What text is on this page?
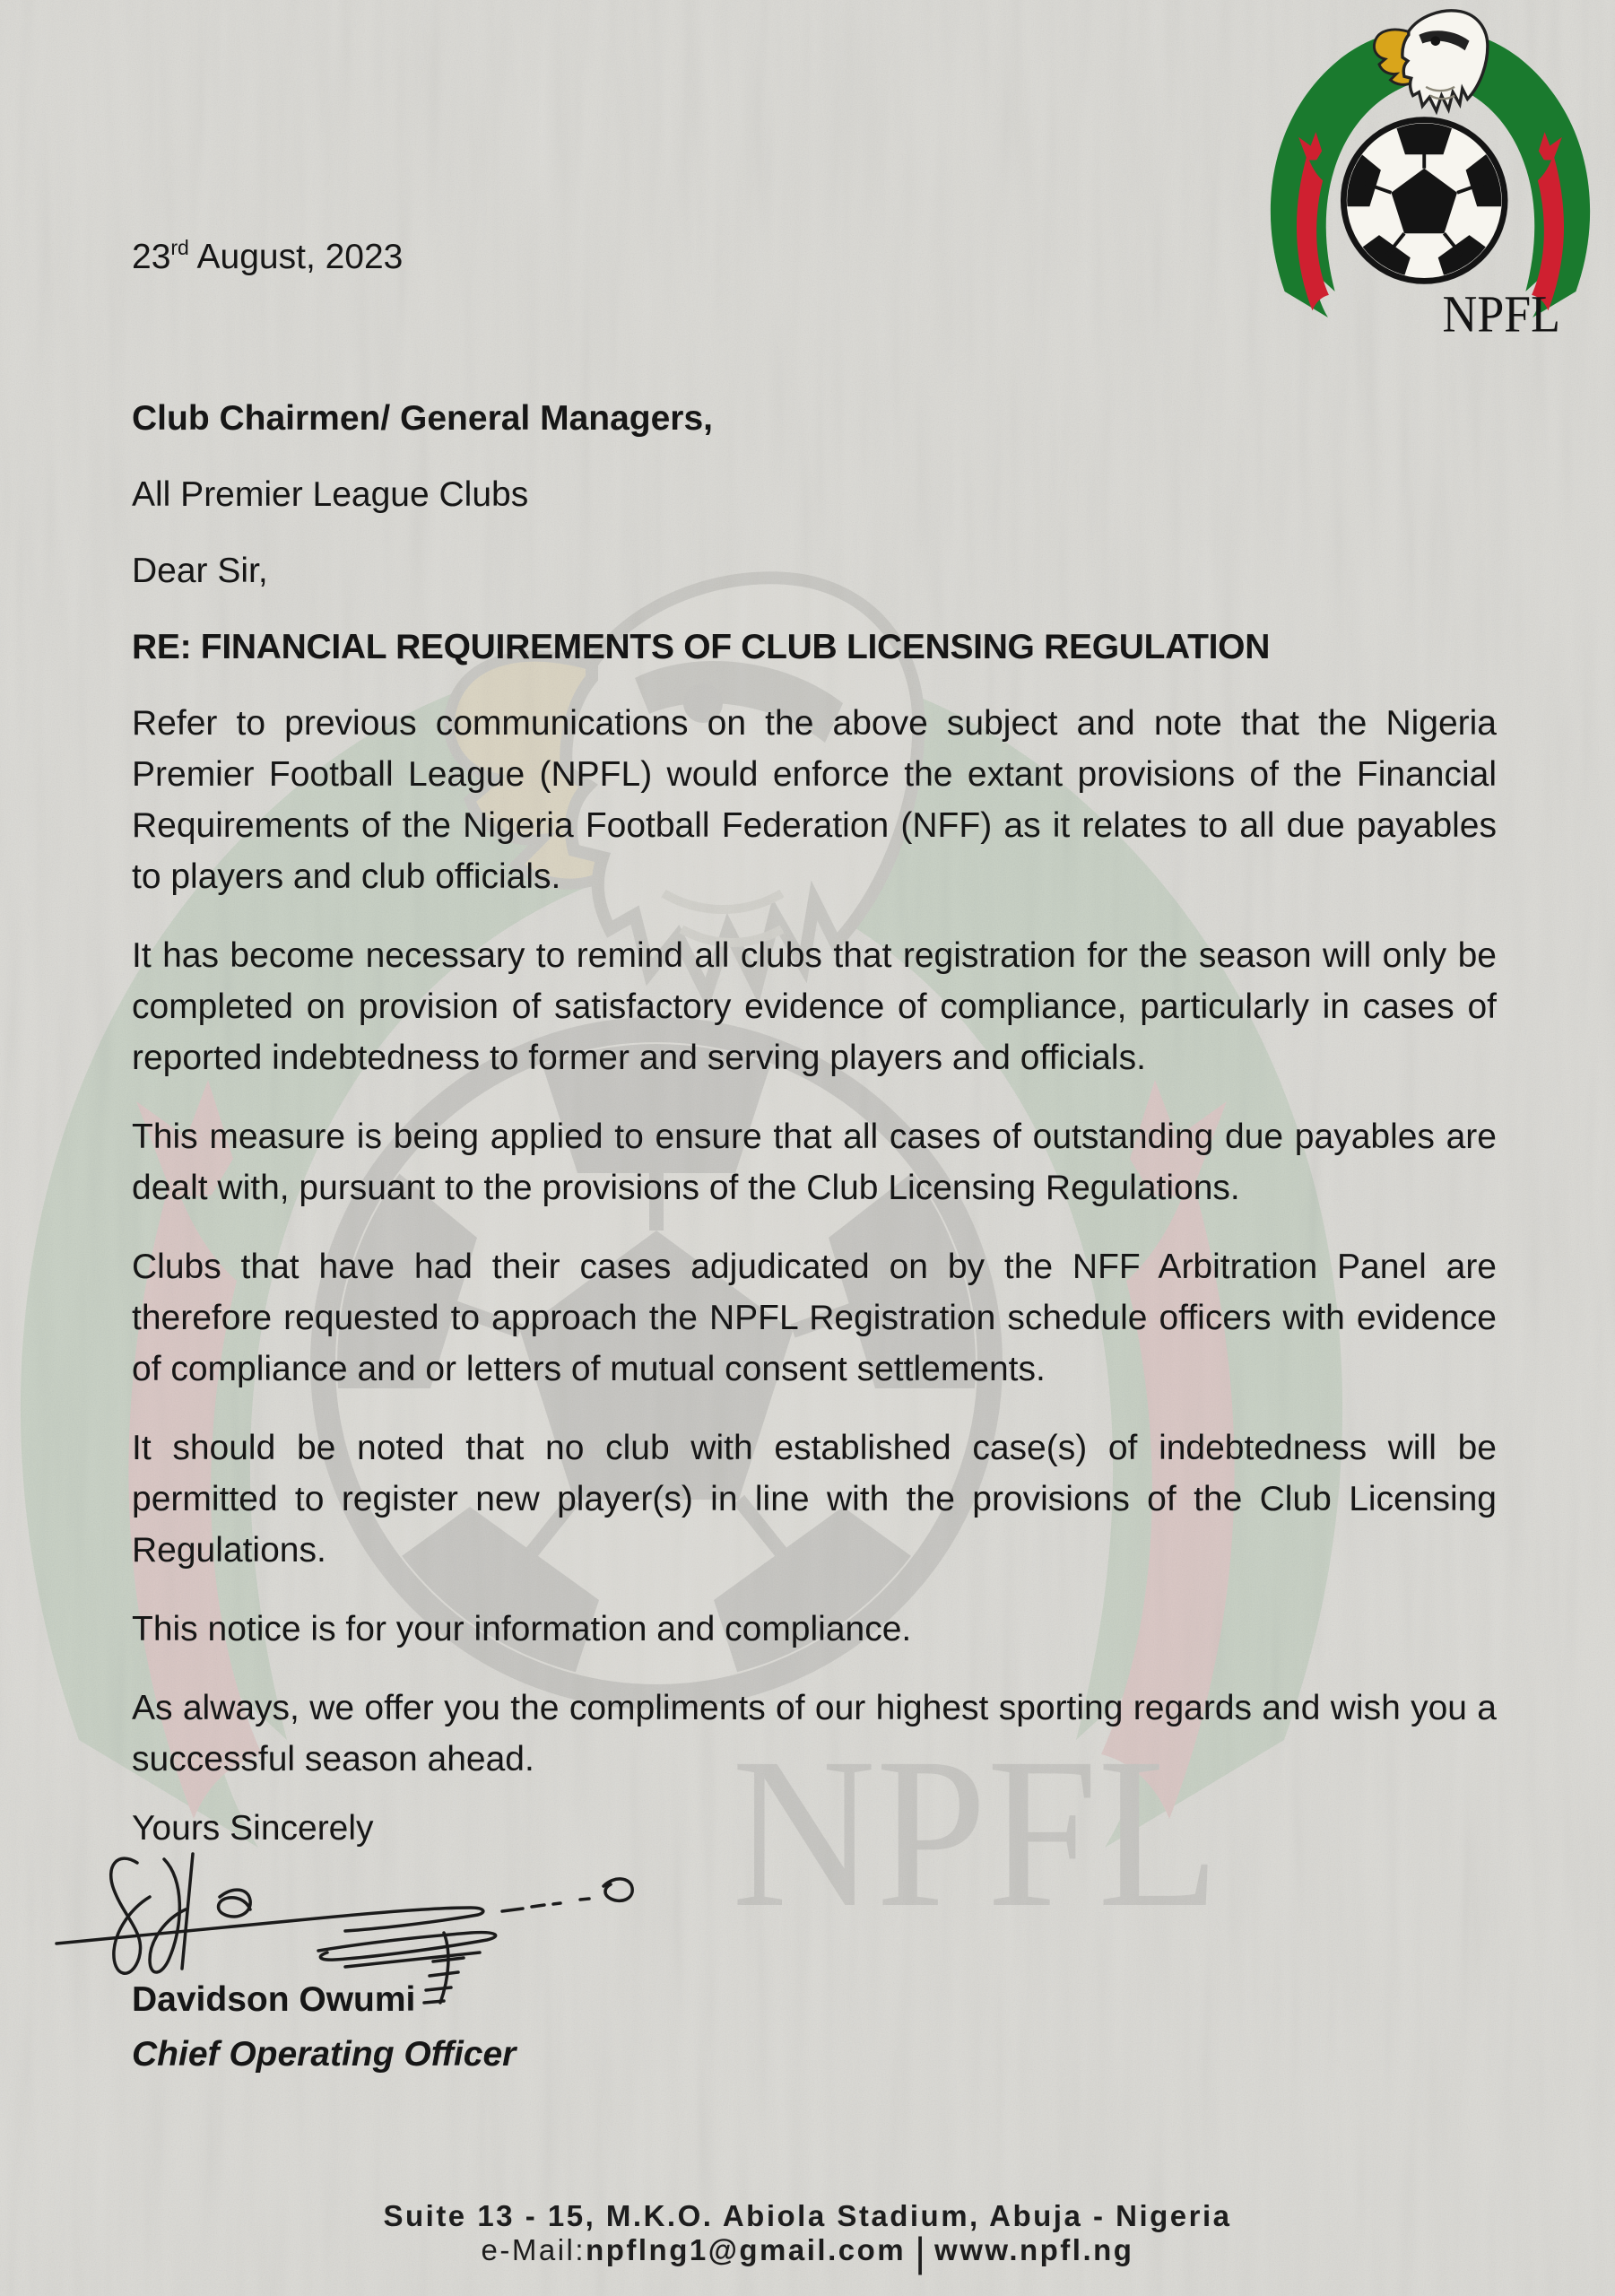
NPFL
23rd August, 2023
Club Chairmen/ General Managers,
All Premier League Clubs
Dear Sir,
RE: FINANCIAL REQUIREMENTS OF CLUB LICENSING REGULATION

Refer to previous communications on the above subject and note that the Nigeria Premier Football League (NPFL) would enforce the extant provisions of the Financial Requirements of the Nigeria Football Federation (NFF) as it relates to all due payables to players and club officials.

It has become necessary to remind all clubs that registration for the season will only be completed on provision of satisfactory evidence of compliance, particularly in cases of reported indebtedness to former and serving players and officials.

This measure is being applied to ensure that all cases of outstanding due payables are dealt with, pursuant to the provisions of the Club Licensing Regulations.

Clubs that have had their cases adjudicated on by the NFF Arbitration Panel are therefore requested to approach the NPFL Registration schedule officers with evidence of compliance and or letters of mutual consent settlements.

It should be noted that no club with established case(s) of indebtedness will be permitted to register new player(s) in line with the provisions of the Club Licensing Regulations.

This notice is for your information and compliance.

As always, we offer you the compliments of our highest sporting regards and wish you a successful season ahead.

Yours Sincerely
Davidson Owumi
Chief Operating Officer
Suite 13 - 15, M.K.O. Abiola Stadium, Abuja - Nigeria
e-Mail:npflng1@gmail.com | www.npfl.ng
